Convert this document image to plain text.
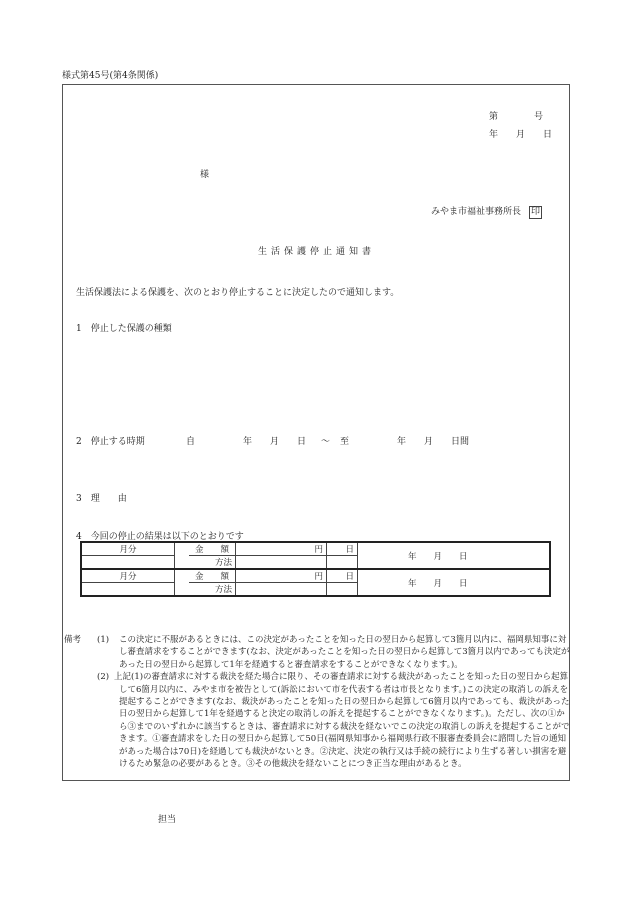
様式第45号(第4条関係)
第　　　　号
年　　月　　日
様
みやま市福祉事務所長 印
生活保護停止通知書
生活保護法による保護を、次のとおり停止することに決定したので通知します。
1　停止した保護の種類
2　停止する時期	自	年　　月　　日 ～ 至	年　　月　　日間
3　理　　由
4　今回の停止の結果は以下のとおりです
月分		金　　額	円	日	年　　月　　日
		方法			
月分		金　　額	円	日	年　　月　　日
		方法			
備考 (1) この決定に不服があるときには、この決定があったことを知った日の翌日から起算して3箇月以内に、福岡県知事に対し審査請求をすることができます(なお、決定があったことを知った日の翌日から起算して3箇月以内であっても決定があった日の翌日から起算して1年を経過すると審査請求をすることができなくなります。)。
(2) 上記(1)の審査請求に対する裁決を経た場合に限り、その審査請求に対する裁決があったことを知った日の翌日から起算して6箇月以内に、みやま市を被告として(訴訟において市を代表する者は市長となります。)この決定の取消しの訴えを提起することができます(なお、裁決があったことを知った日の翌日から起算して6箇月以内であっても、裁決があった日の翌日から起算して1年を経過すると決定の取消しの訴えを提起することができなくなります。)。ただし、次の①から③までのいずれかに該当するときは、審査請求に対する裁決を経ないでこの決定の取消しの訴えを提起することができます。①審査請求をした日の翌日から起算して50日(福岡県知事から福岡県行政不服審査委員会に諮問した旨の通知があった場合は70日)を経過しても裁決がないとき。②決定、決定の執行又は手続の続行により生ずる著しい損害を避けるため緊急の必要があるとき。③その他裁決を経ないことにつき正当な理由があるとき。
担当
